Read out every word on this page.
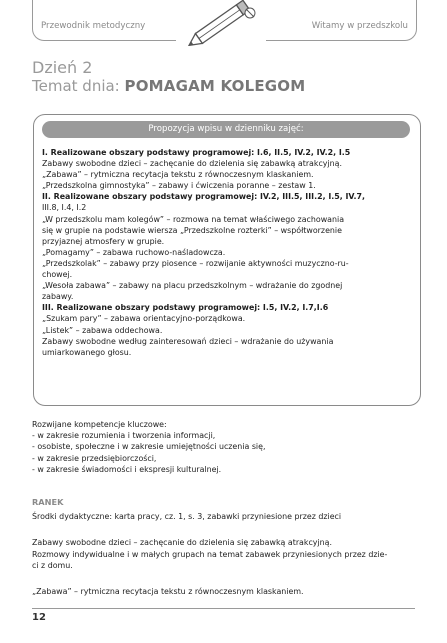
Przewodnik metodyczny	Witamy w przedszkolu
Dzień 2
Temat dnia: POMAGAM KOLEGOM
Propozycja wpisu w dzienniku zajęć:
I. Realizowane obszary podstawy programowej: I.6, II.5, IV.2, IV.2, I.5
Zabawy swobodne dzieci – zachęcanie do dzielenia się zabawką atrakcyjną.
„Zabawa” – rytmiczna recytacja tekstu z równoczesnym klaskaniem.
„Przedszkolna gimnostyka” – zabawy i ćwiczenia poranne – zestaw 1.
II. Realizowane obszary podstawy programowej: IV.2, III.5, III.2, I.5, IV.7,
III.8, I.4, I.2
„W przedszkolu mam kolegów” – rozmowa na temat właściwego zachowania
się w grupie na podstawie wiersza „Przedszkolne rozterki” – współtworzenie
przyjaznej atmosfery w grupie.
„Pomagamy” – zabawa ruchowo-naśladowcza.
„Przedszkolak” – zabawy przy piosence – rozwijanie aktywności muzyczno-ru-
chowej.
„Wesoła zabawa” – zabawy na placu przedszkolnym – wdrażanie do zgodnej
zabawy.
III. Realizowane obszary podstawy programowej: I.5, IV.2, I.7,I.6
„Szukam pary” – zabawa orientacyjno-porządkowa.
„Listek” – zabawa oddechowa.
Zabawy swobodne według zainteresowań dzieci – wdrażanie do używania
umiarkowanego głosu.
Rozwijane kompetencje kluczowe:
- w zakresie rozumienia i tworzenia informacji,
- osobiste, społeczne i w zakresie umiejętności uczenia się,
- w zakresie przedsiębiorczości,
- w zakresie świadomości i ekspresji kulturalnej.
RANEK
Środki dydaktyczne: karta pracy, cz. 1, s. 3, zabawki przyniesione przez dzieci
Zabawy swobodne dzieci – zachęcanie do dzielenia się zabawką atrakcyjną.
Rozmowy indywidualne i w małych grupach na temat zabawek przyniesionych przez dzie-
ci z domu.
„Zabawa” – rytmiczna recytacja tekstu z równoczesnym klaskaniem.
12
